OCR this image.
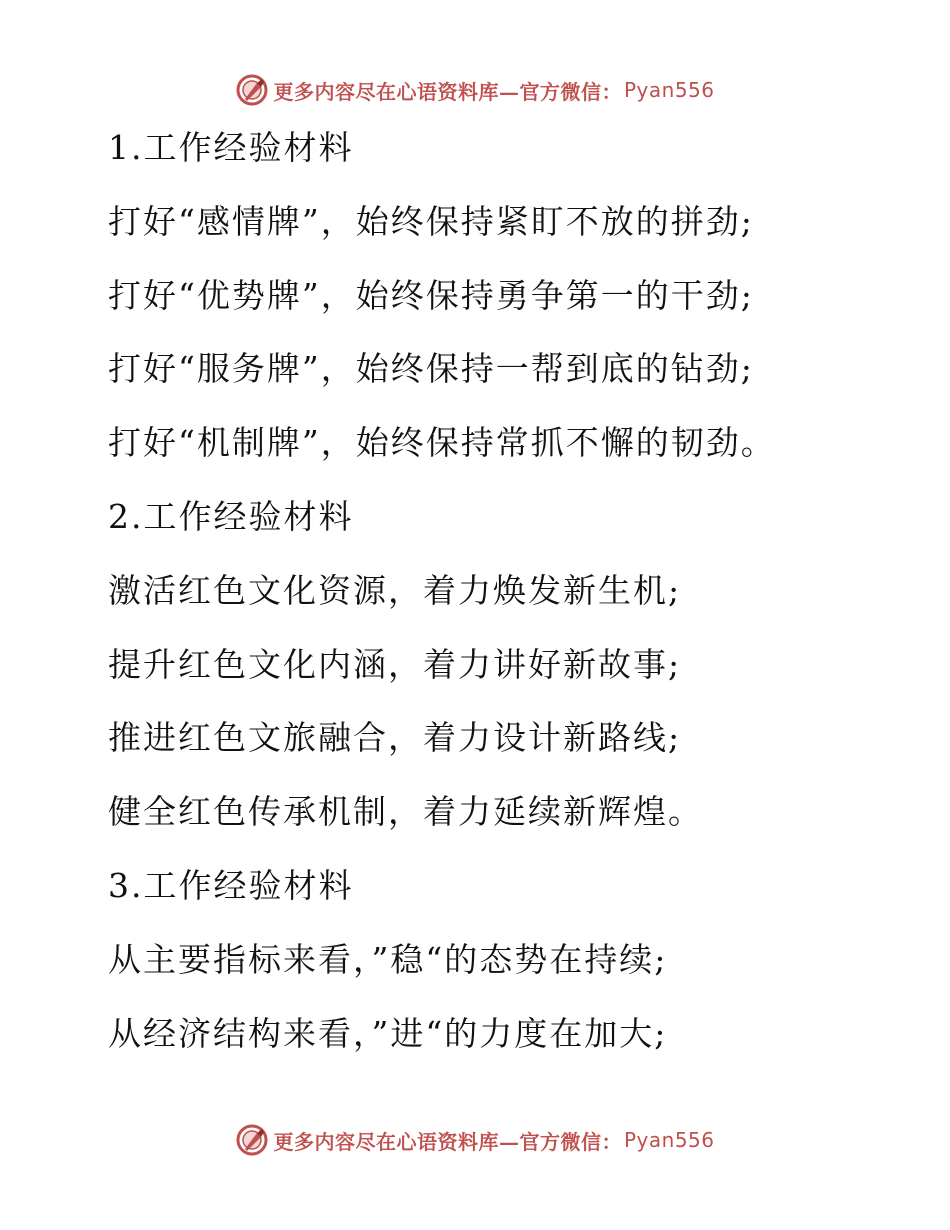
更多内容尽在心语资料库—官方微信： Pyan556
1.工作经验材料
打好“感情牌”，始终保持紧盯不放的拼劲;
打好“优势牌”，始终保持勇争第一的干劲;
打好“服务牌”，始终保持一帮到底的钻劲;
打好“机制牌”，始终保持常抓不懈的韧劲。
2.工作经验材料
激活红色文化资源，着力焕发新生机;
提升红色文化内涵，着力讲好新故事;
推进红色文旅融合，着力设计新路线;
健全红色传承机制，着力延续新辉煌。
3.工作经验材料
从主要指标来看，”稳“的态势在持续;
从经济结构来看，”进“的力度在加大;
更多内容尽在心语资料库—官方微信： Pyan556
